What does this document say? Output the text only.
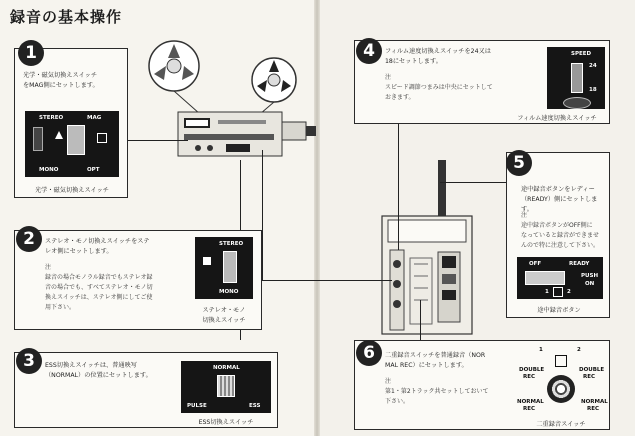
録音の基本操作
光学・磁気切換えスイッチ
をMAG側にセットします。
STEREO	MAG
MONO	OPT
光学・磁気切換えスイッチ
1
ステレオ・モノ切換えスイッチをステ
レオ側にセットします。
注
録音の場合モノラル録音でもステレオ録
音の場合でも、すべてステレオ・モノ切
換えスイッチは、ステレオ側にしてご使
用下さい。
STEREO
MONO
ステレオ・モノ
切換えスイッチ
2
ESS切換えスイッチは、普通映写
（NORMAL）の位置にセットします。
NORMAL
PULSE	ESS
ESS切換えスイッチ
3
フィルム速度切換えスイッチを24又は
18にセットします。
注
スピード調節つまみは中央にセットして
おきます。
SPEED
24
18
フィルム速度切換えスイッチ
4
途中録音ボタンをレディー
（READY）側にセットします。
注
途中録音ボタンがOFF側に
なっていると録音ができませ
んので特に注意して下さい。
OFF	READY
PUSH
ON
1	2
途中録音ボタン
5
二重録音スイッチを普通録音（NOR
MAL REC）にセットします。
注
第1・第2トラック共セットしておいて
下さい。
1	2
DOUBLE
REC
DOUBLE
REC
NORMAL
REC
NORMAL
REC
二重録音スイッチ
6
